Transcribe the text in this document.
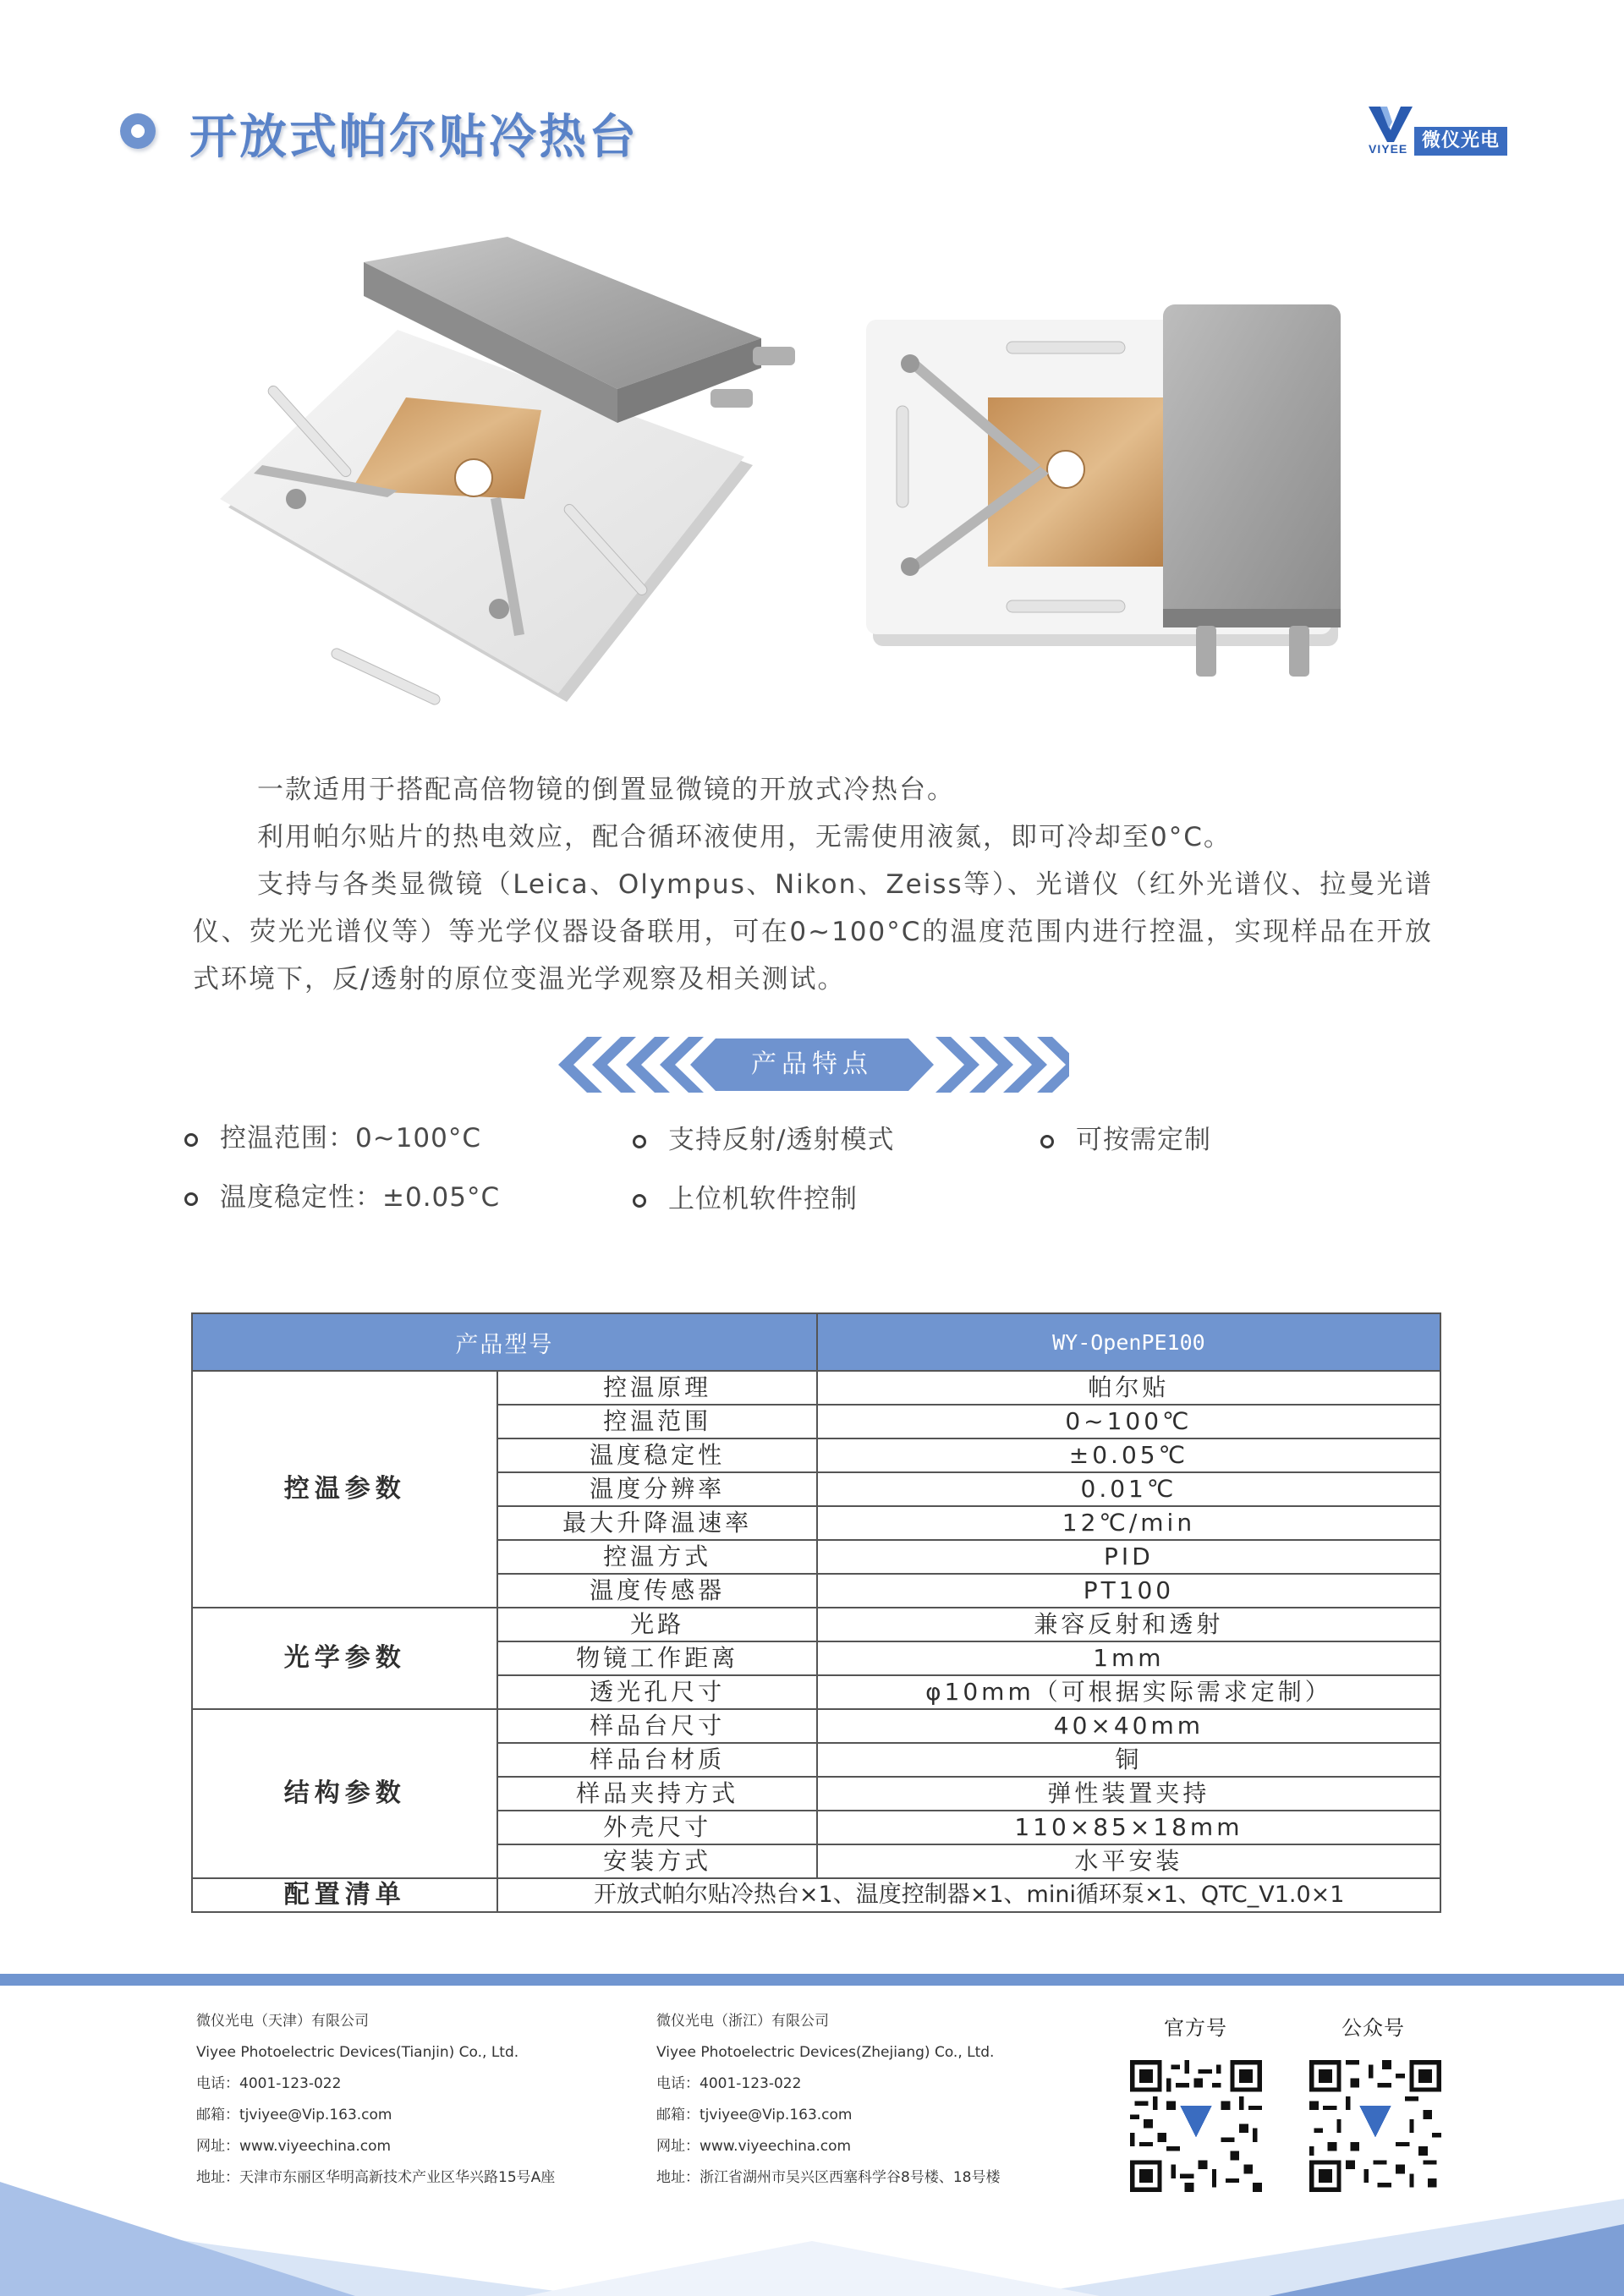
开放式帕尔贴冷热台	VIYEE 微仪光电

一款适用于搭配高倍物镜的倒置显微镜的开放式冷热台。

利用帕尔贴片的热电效应，配合循环液使用，无需使用液氮，即可冷却至0°C。

支持与各类显微镜（Leica、Olympus、Nikon、Zeiss等）、光谱仪（红外光谱仪、拉曼光谱仪、荧光光谱仪等）等光学仪器设备联用，可在0~100°C的温度范围内进行控温，实现样品在开放式环境下，反/透射的原位变温光学观察及相关测试。

产品特点
控温范围：0~100°C	支持反射/透射模式	可按需定制
温度稳定性：±0.05°C	上位机软件控制
产品型号		WY-OpenPE100
控温参数	控温原理	帕尔贴
	控温范围	0~100℃
	温度稳定性	±0.05℃
	温度分辨率	0.01℃
	最大升降温速率	12℃/min
	控温方式	PID
	温度传感器	PT100
光学参数	光路	兼容反射和透射
	物镜工作距离	1mm
	透光孔尺寸	φ10mm（可根据实际需求定制）
结构参数	样品台尺寸	40×40mm
	样品台材质	铜
	样品夹持方式	弹性装置夹持
	外壳尺寸	110×85×18mm
	安装方式	水平安装
配置清单	开放式帕尔贴冷热台×1、温度控制器×1、mini循环泵×1、QTC_V1.0×1	
微仪光电（天津）有限公司
Viyee Photoelectric Devices(Tianjin) Co., Ltd.
电话：4001-123-022
邮箱：tjviyee@Vip.163.com
网址：www.viyeechina.com
地址：天津市东丽区华明高新技术产业区华兴路15号A座
微仪光电（浙江）有限公司
Viyee Photoelectric Devices(Zhejiang) Co., Ltd.
电话：4001-123-022
邮箱：tjviyee@Vip.163.com
网址：www.viyeechina.com
地址：浙江省湖州市吴兴区西塞科学谷8号楼、18号楼
官方号	公众号
